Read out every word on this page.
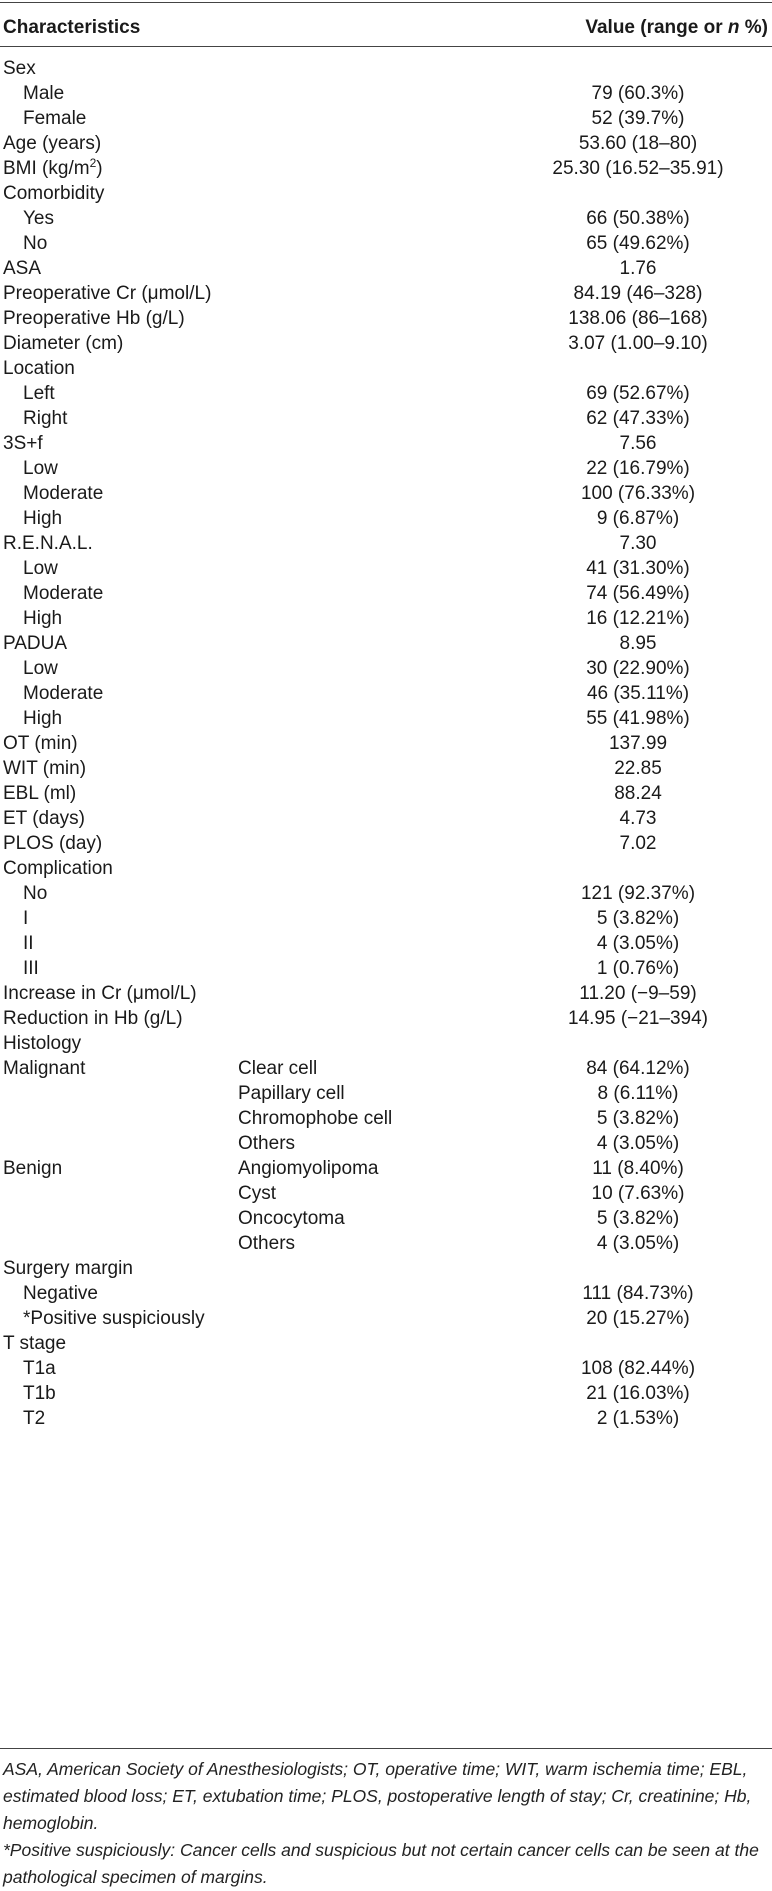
Characteristics	Value (range or n %)
Sex
Male	79 (60.3%)
Female	52 (39.7%)
Age (years)	53.60 (18–80)
BMI $(kg/m^2)$	25.30 (16.52–35.91)
Comorbidity
Yes	66 (50.38%)
No	65 (49.62%)
ASA	1.76
Preoperative Cr (μmol/L)	84.19 (46–328)
Preoperative Hb (g/L)	138.06 (86–168)
Diameter (cm)	3.07 (1.00–9.10)
Location
Left	69 (52.67%)
Right	62 (47.33%)
3S+f	7.56
Low	22 (16.79%)
Moderate	100 (76.33%)
High	9 (6.87%)
R.E.N.A.L.	7.30
Low	41 (31.30%)
Moderate	74 (56.49%)
High	16 (12.21%)
PADUA	8.95
Low	30 (22.90%)
Moderate	46 (35.11%)
High	55 (41.98%)
OT (min)	137.99
WIT (min)	22.85
EBL (ml)	88.24
ET (days)	4.73
PLOS (day)	7.02
Complication
No	121 (92.37%)
I	5 (3.82%)
II	4 (3.05%)
III	1 (0.76%)
Increase in Cr (μmol/L)	11.20 (−9–59)
Reduction in Hb (g/L)	14.95 (−21–394)
Histology
Malignant	Clear cell	84 (64.12%)
Papillary cell	8 (6.11%)
Chromophobe cell	5 (3.82%)
Others	4 (3.05%)
Benign	Angiomyolipoma	11 (8.40%)
Cyst	10 (7.63%)
Oncocytoma	5 (3.82%)
Others	4 (3.05%)
Surgery margin
Negative	111 (84.73%)
*Positive suspiciously	20 (15.27%)
T stage
T1a	108 (82.44%)
T1b	21 (16.03%)
T2	2 (1.53%)

ASA, American Society of Anesthesiologists; OT, operative time; WIT, warm ischemia time; EBL, estimated blood loss; ET, extubation time; PLOS, postoperative length of stay; Cr, creatinine; Hb, hemoglobin.

*Positive suspiciously: Cancer cells and suspicious but not certain cancer cells can be seen at the pathological specimen of margins.
